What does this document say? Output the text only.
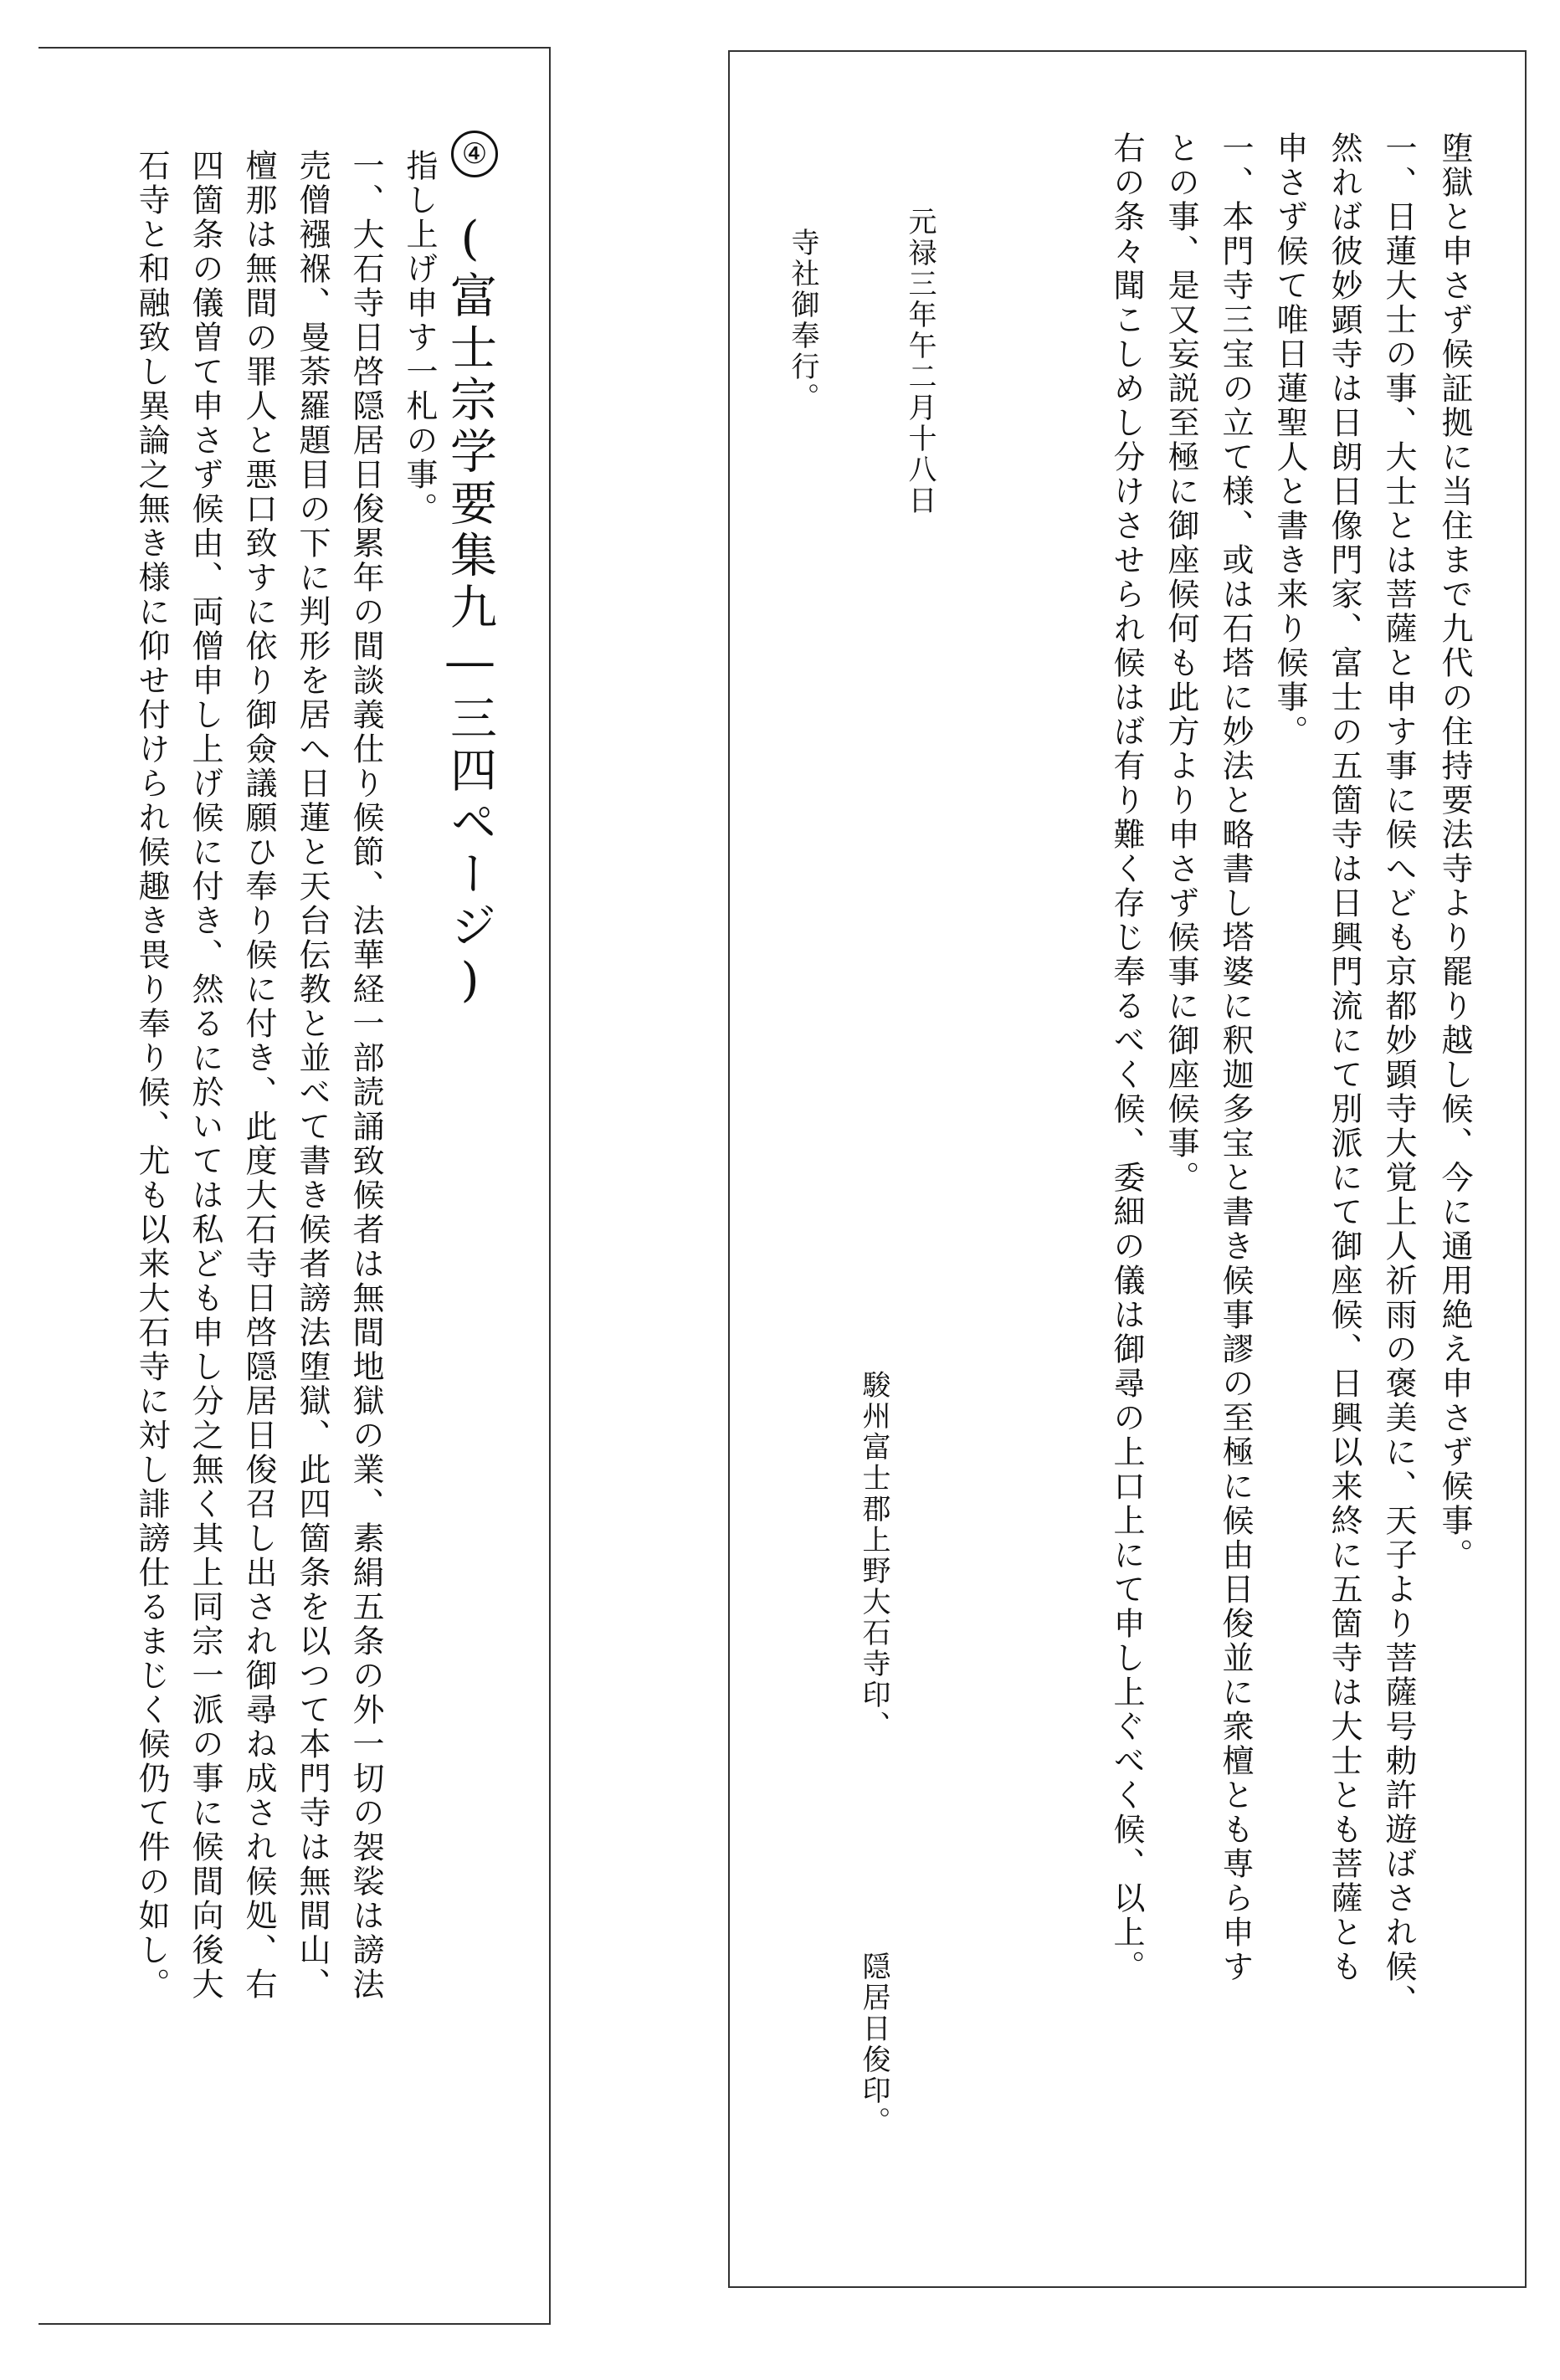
堕獄と申さず候証拠に当住まで九代の住持要法寺より罷り越し候、今に通用絶え申さず候事。
一、日蓮大士の事、大士とは菩薩と申す事に候へども京都妙顕寺大覚上人祈雨の褒美に、天子より菩薩号勅許遊ばされ候、
然れば彼妙顕寺は日朗日像門家、富士の五箇寺は日興門流にて別派にて御座候、日興以来終に五箇寺は大士とも菩薩とも
申さず候て唯日蓮聖人と書き来り候事。
一、本門寺三宝の立て様、或は石塔に妙法と略書し塔婆に釈迦多宝と書き候事謬の至極に候由日俊並に衆檀とも専ら申す
との事、是又妄説至極に御座候何も此方より申さず候事に御座候事。
右の条々聞こしめし分けさせられ候はば有り難く存じ奉るべく候、委細の儀は御尋の上口上にて申し上ぐべく候、以上。
元禄三年午二月十八日
駿州富士郡上野大石寺印、
隠居日俊印。
寺社御奉行。
④
(富士宗学要集九―三四ページ)
指し上げ申す一札の事。
一、大石寺日啓隠居日俊累年の間談義仕り候節、法華経一部読誦致候者は無間地獄の業、素絹五条の外一切の袈裟は謗法
売僧襁褓、曼荼羅題目の下に判形を居へ日蓮と天台伝教と並べて書き候者謗法堕獄、此四箇条を以つて本門寺は無間山、
檀那は無間の罪人と悪口致すに依り御僉議願ひ奉り候に付き、此度大石寺日啓隠居日俊召し出され御尋ね成され候処、右
四箇条の儀曽て申さず候由、両僧申し上げ候に付き、然るに於いては私ども申し分之無く其上同宗一派の事に候間向後大
石寺と和融致し異論之無き様に仰せ付けられ候趣き畏り奉り候、尤も以来大石寺に対し誹謗仕るまじく候仍て件の如し。
